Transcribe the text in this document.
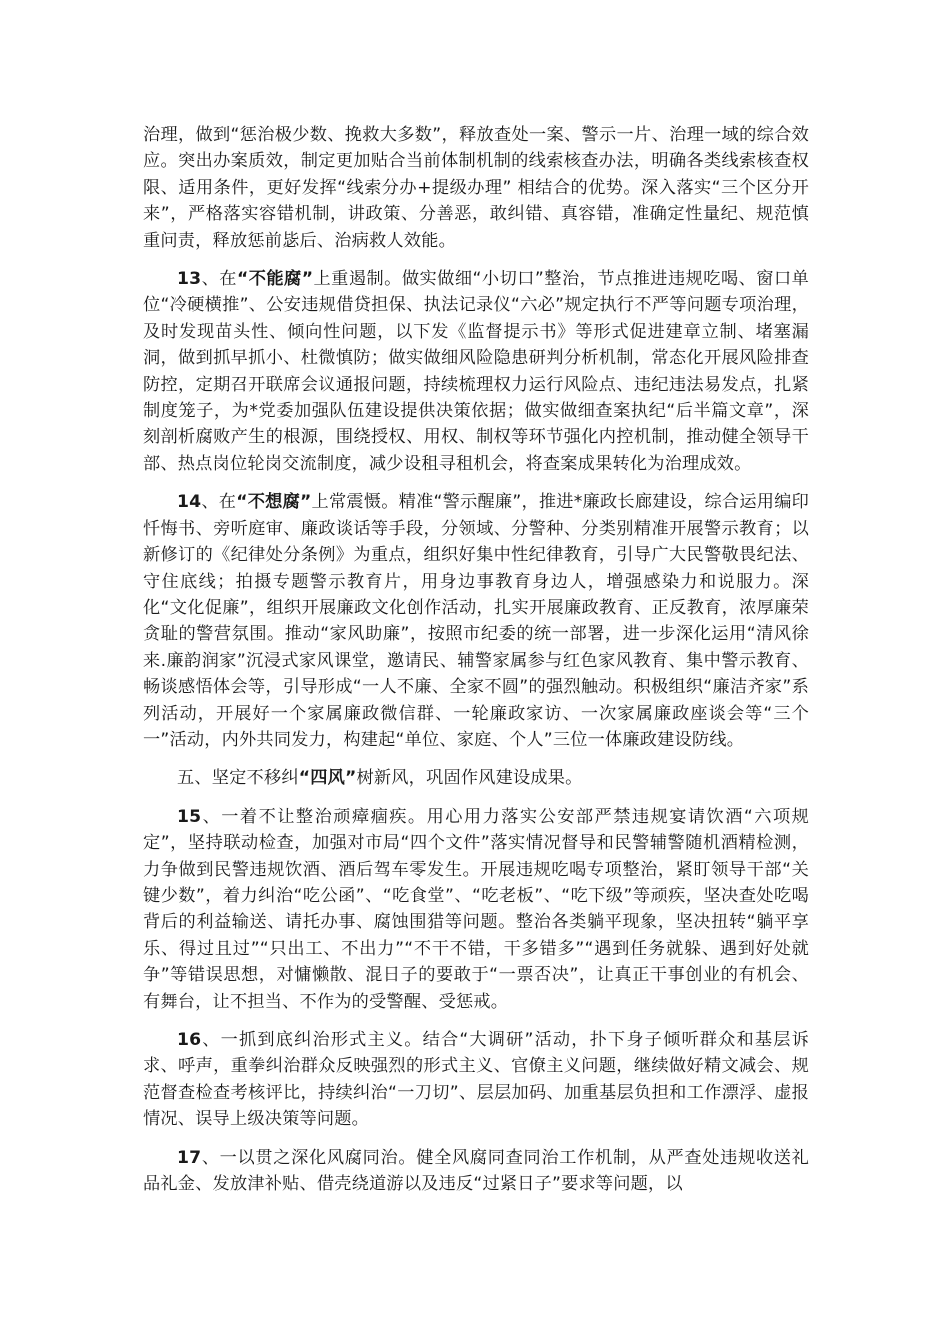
治理，做到“惩治极少数、挽救大多数”，释放查处一案、警示一片、治理一域的综合效应。突出办案质效，制定更加贴合当前体制机制的线索核查办法，明确各类线索核查权限、适用条件，更好发挥“线索分办+提级办理” 相结合的优势。深入落实“三个区分开来”，严格落实容错机制，讲政策、分善恶，敢纠错、真容错，准确定性量纪、规范慎重问责，释放惩前毖后、治病救人效能。

13、在“不能腐”上重遏制。做实做细“小切口”整治，节点推进违规吃喝、窗口单位“冷硬横推”、公安违规借贷担保、执法记录仪“六必”规定执行不严等问题专项治理，及时发现苗头性、倾向性问题，以下发《监督提示书》等形式促进建章立制、堵塞漏洞，做到抓早抓小、杜微慎防；做实做细风险隐患研判分析机制，常态化开展风险排查防控，定期召开联席会议通报问题，持续梳理权力运行风险点、违纪违法易发点，扎紧制度笼子，为*党委加强队伍建设提供决策依据；做实做细查案执纪“后半篇文章”，深刻剖析腐败产生的根源，围绕授权、用权、制权等环节强化内控机制，推动健全领导干部、热点岗位轮岗交流制度，减少设租寻租机会，将查案成果转化为治理成效。

14、在“不想腐”上常震慑。精准“警示醒廉”，推进*廉政长廊建设，综合运用编印忏悔书、旁听庭审、廉政谈话等手段，分领域、分警种、分类别精准开展警示教育；以新修订的《纪律处分条例》为重点，组织好集中性纪律教育，引导广大民警敬畏纪法、守住底线；拍摄专题警示教育片，用身边事教育身边人，增强感染力和说服力。深化“文化促廉”，组织开展廉政文化创作活动，扎实开展廉政教育、正反教育，浓厚廉荣贪耻的警营氛围。推动“家风助廉”，按照市纪委的统一部署，进一步深化运用“清风徐来.廉韵润家”沉浸式家风课堂，邀请民、辅警家属参与红色家风教育、集中警示教育、畅谈感悟体会等，引导形成“一人不廉、全家不圆”的强烈触动。积极组织“廉洁齐家”系列活动，开展好一个家属廉政微信群、一轮廉政家访、一次家属廉政座谈会等“三个一”活动，内外共同发力，构建起“单位、家庭、个人”三位一体廉政建设防线。

五、坚定不移纠“四风”树新风，巩固作风建设成果。

15、一着不让整治顽瘴痼疾。用心用力落实公安部严禁违规宴请饮酒“六项规定”，坚持联动检查，加强对市局“四个文件”落实情况督导和民警辅警随机酒精检测，力争做到民警违规饮酒、酒后驾车零发生。开展违规吃喝专项整治，紧盯领导干部“关键少数”，着力纠治“吃公函”、“吃食堂”、“吃老板”、“吃下级”等顽疾，坚决查处吃喝背后的利益输送、请托办事、腐蚀围猎等问题。整治各类躺平现象，坚决扭转“躺平享乐、得过且过”“只出工、不出力”“不干不错，干多错多”“遇到任务就躲、遇到好处就争”等错误思想，对慵懒散、混日子的要敢于“一票否决”，让真正干事创业的有机会、有舞台，让不担当、不作为的受警醒、受惩戒。

16、一抓到底纠治形式主义。结合“大调研”活动，扑下身子倾听群众和基层诉求、呼声，重拳纠治群众反映强烈的形式主义、官僚主义问题，继续做好精文减会、规范督查检查考核评比，持续纠治“一刀切”、层层加码、加重基层负担和工作漂浮、虚报情况、误导上级决策等问题。

17、一以贯之深化风腐同治。健全风腐同查同治工作机制，从严查处违规收送礼品礼金、发放津补贴、借壳绕道游以及违反“过紧日子”要求等问题，以
